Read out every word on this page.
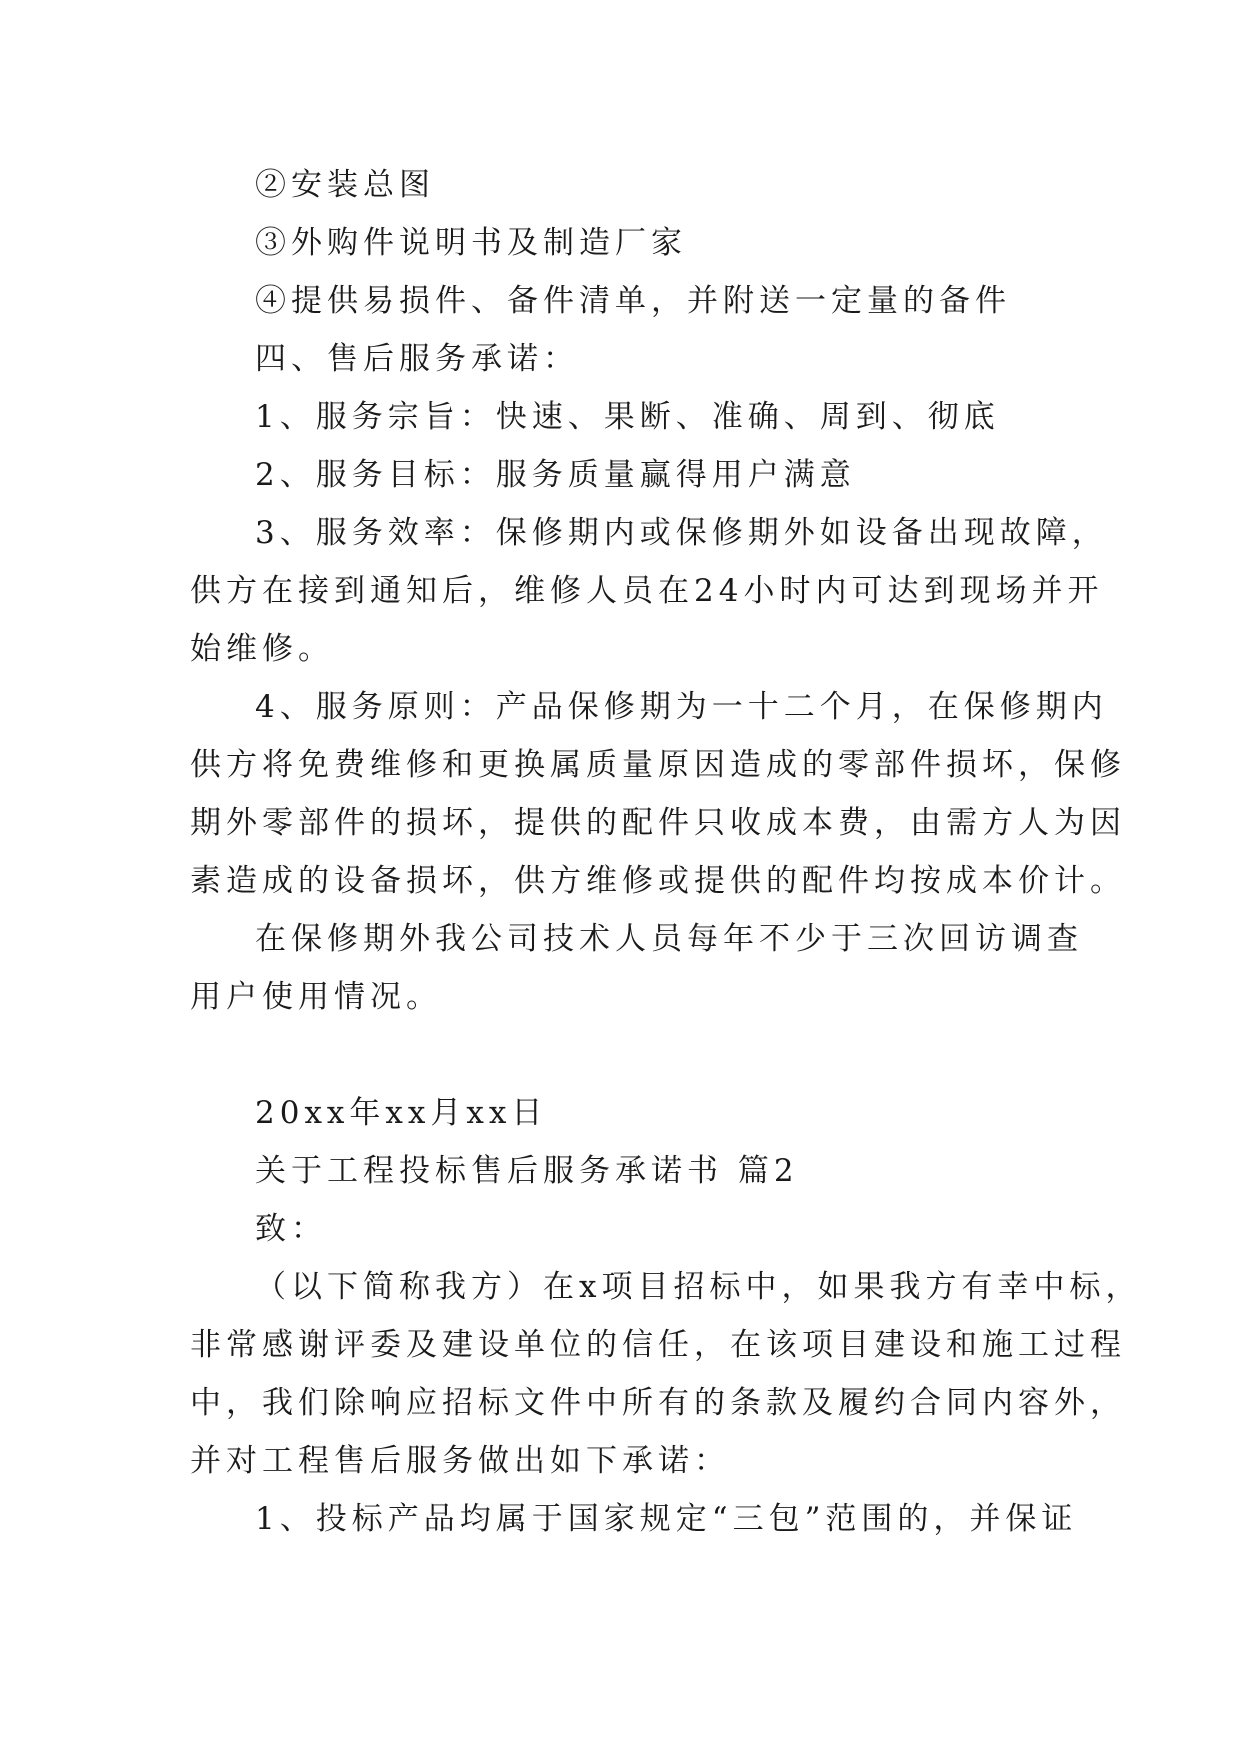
②安装总图
③外购件说明书及制造厂家
④提供易损件、备件清单，并附送一定量的备件
四、售后服务承诺：
1、服务宗旨：快速、果断、准确、周到、彻底
2、服务目标：服务质量赢得用户满意
3、服务效率：保修期内或保修期外如设备出现故障，
供方在接到通知后，维修人员在24小时内可达到现场并开
始维修。
4、服务原则：产品保修期为一十二个月，在保修期内
供方将免费维修和更换属质量原因造成的零部件损坏，保修
期外零部件的损坏，提供的配件只收成本费，由需方人为因
素造成的设备损坏，供方维修或提供的配件均按成本价计。
在保修期外我公司技术人员每年不少于三次回访调查
用户使用情况。
20xx年xx月xx日
关于工程投标售后服务承诺书 篇2
致：
（以下简称我方）在x项目招标中，如果我方有幸中标，
非常感谢评委及建设单位的信任，在该项目建设和施工过程
中，我们除响应招标文件中所有的条款及履约合同内容外，
并对工程售后服务做出如下承诺：
1、投标产品均属于国家规定“三包”范围的，并保证
